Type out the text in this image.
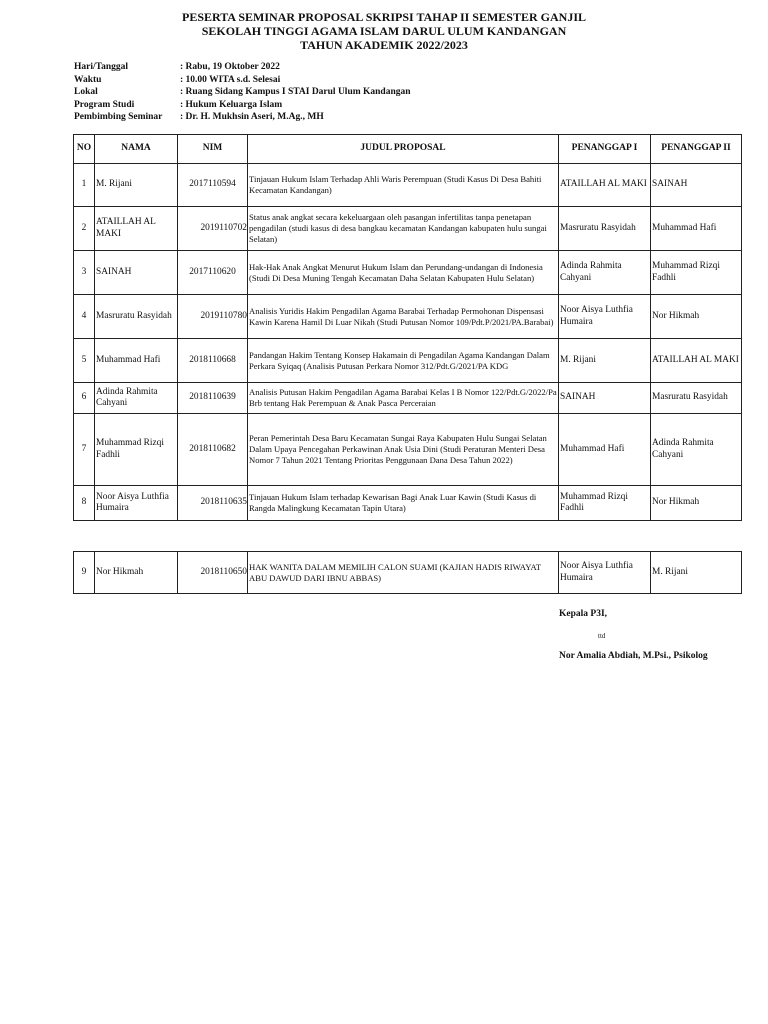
PESERTA SEMINAR PROPOSAL SKRIPSI TAHAP II SEMESTER GANJIL
SEKOLAH TINGGI AGAMA ISLAM DARUL ULUM KANDANGAN
TAHUN AKADEMIK 2022/2023
Hari/Tanggal	: Rabu, 19 Oktober 2022
Waktu	: 10.00 WITA s.d. Selesai
Lokal	: Ruang Sidang Kampus I STAI Darul Ulum Kandangan
Program Studi	: Hukum Keluarga Islam
Pembimbing Seminar : Dr. H. Mukhsin Aseri, M.Ag., MH
NO	NAMA	NIM	JUDUL PROPOSAL	PENANGGAP I	PENANGGAP II
1	M. Rijani	2017110594	Tinjauan Hukum Islam Terhadap Ahli Waris Perempuan (Studi Kasus Di Desa Bahiti Kecamatan Kandangan)	ATAILLAH AL MAKI	SAINAH
2	ATAILLAH AL MAKI	2019110702	Status anak angkat secara kekeluargaan oleh pasangan infertilitas tanpa penetapan pengadilan (studi kasus di desa bangkau kecamatan Kandangan kabupaten hulu sungai Selatan)	Masruratu Rasyidah	Muhammad Hafi
3	SAINAH	2017110620	Hak-Hak Anak Angkat Menurut Hukum Islam dan Perundang-undangan di Indonesia (Studi Di Desa Muning Tengah Kecamatan Daha Selatan Kabupaten Hulu Selatan)	Adinda Rahmita Cahyani	Muhammad Rizqi Fadhli
4	Masruratu Rasyidah	2019110780	Analisis Yuridis Hakim Pengadilan Agama Barabai Terhadap Permohonan Dispensasi Kawin Karena Hamil Di Luar Nikah (Studi Putusan Nomor 109/Pdt.P/2021/PA.Barabai)	Noor Aisya Luthfia Humaira	Nor Hikmah
5	Muhammad Hafi	2018110668	Pandangan Hakim Tentang Konsep Hakamain di Pengadilan Agama Kandangan Dalam Perkara Syiqaq (Analisis Putusan Perkara Nomor 312/Pdt.G/2021/PA KDG	M. Rijani	ATAILLAH AL MAKI
6	Adinda Rahmita Cahyani	2018110639	Analisis Putusan Hakim Pengadilan Agama Barabai Kelas I B Nomor 122/Pdt.G/2022/Pa Brb tentang Hak Perempuan & Anak Pasca Perceraian	SAINAH	Masruratu Rasyidah
7	Muhammad Rizqi Fadhli	2018110682	Peran Pemerintah Desa Baru Kecamatan Sungai Raya Kabupaten Hulu Sungai Selatan Dalam Upaya Pencegahan Perkawinan Anak Usia Dini (Studi Peraturan Menteri Desa Nomor 7 Tahun 2021 Tentang Prioritas Penggunaan Dana Desa Tahun 2022)	Muhammad Hafi	Adinda Rahmita Cahyani
8	Noor Aisya Luthfia Humaira	2018110635	Tinjauan Hukum Islam terhadap Kewarisan Bagi Anak Luar Kawin (Studi Kasus di Rangda Malingkung Kecamatan Tapin Utara)	Muhammad Rizqi Fadhli	Nor Hikmah
9	Nor Hikmah	2018110650	HAK WANITA DALAM MEMILIH CALON SUAMI (KAJIAN HADIS RIWAYAT ABU DAWUD DARI IBNU ABBAS)	Noor Aisya Luthfia Humaira	M. Rijani
Kepala P3I,
ttd
Nor Amalia Abdiah, M.Psi., Psikolog
